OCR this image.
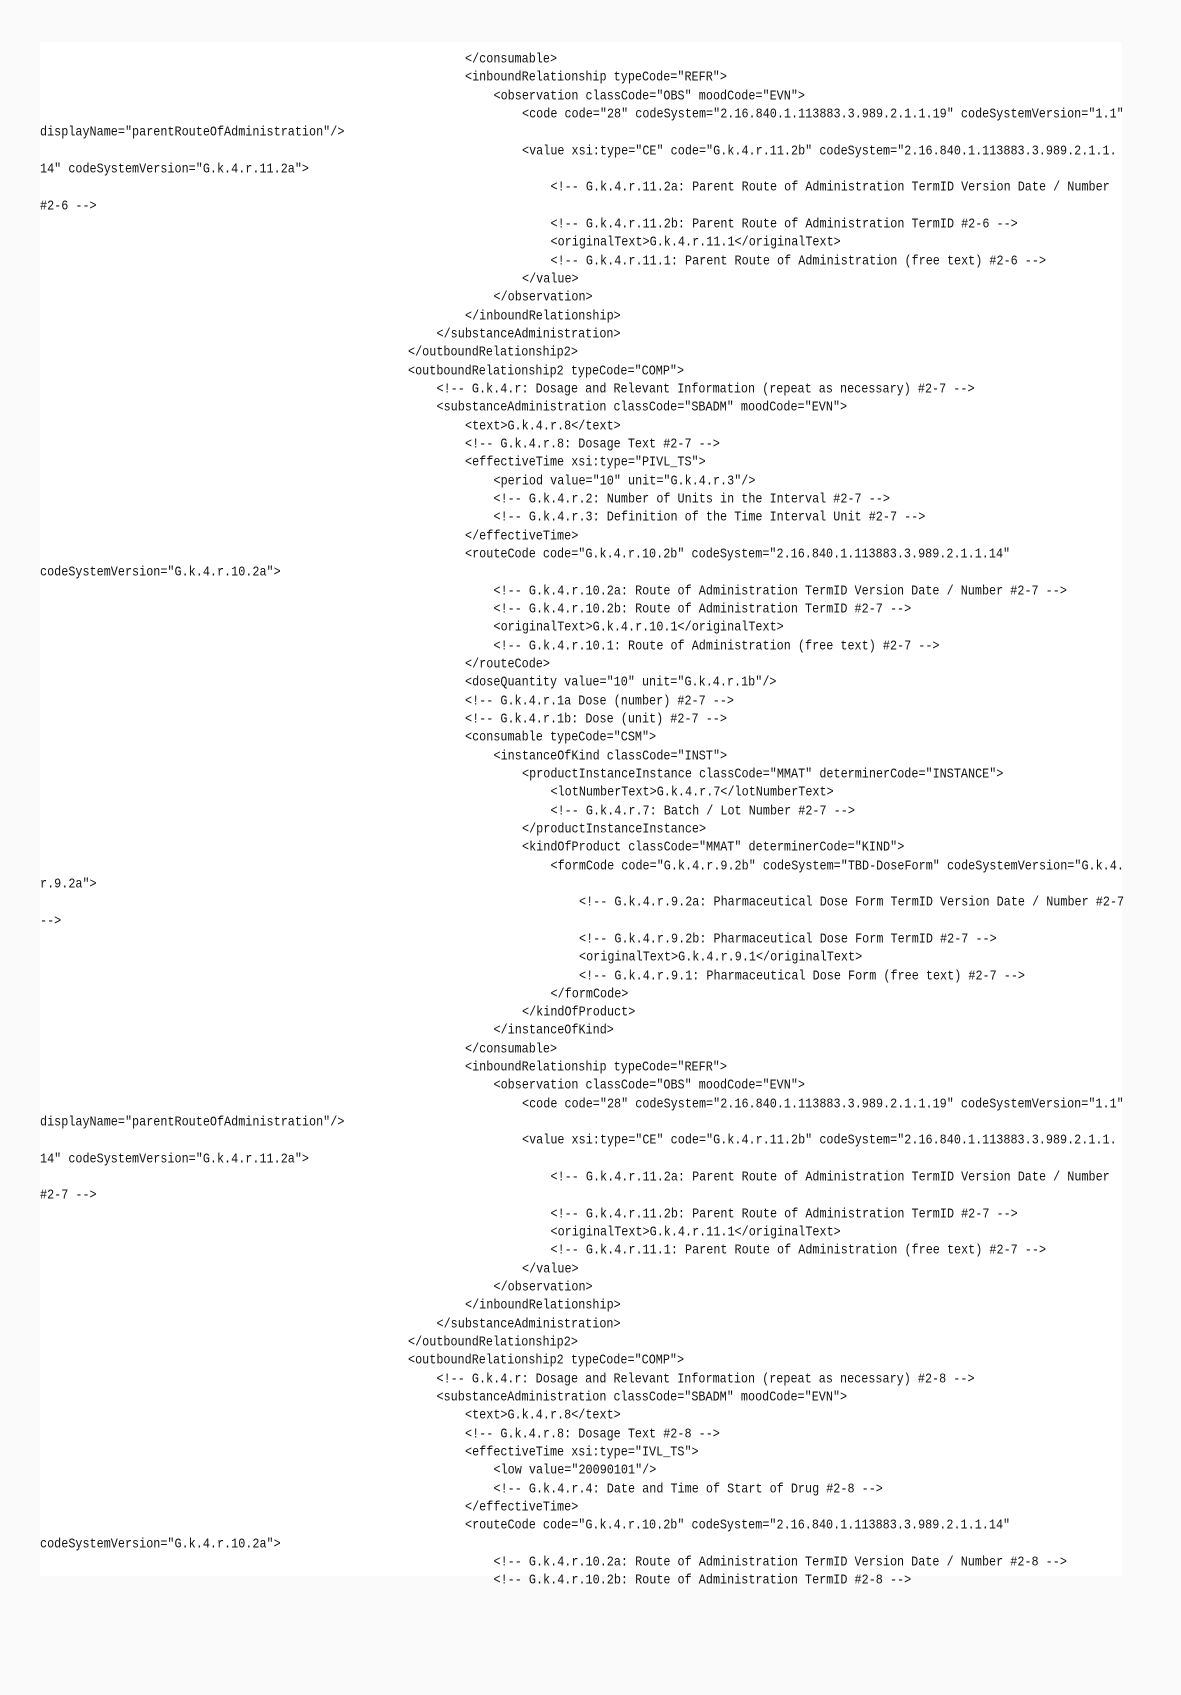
</consumable>
<inboundRelationship typeCode="REFR">
<observation classCode="OBS" moodCode="EVN">
<code code="28" codeSystem="2.16.840.1.113883.3.989.2.1.1.19" codeSystemVersion="1.1"
displayName="parentRouteOfAdministration"/>
<value xsi:type="CE" code="G.k.4.r.11.2b" codeSystem="2.16.840.1.113883.3.989.2.1.1.
14" codeSystemVersion="G.k.4.r.11.2a">
<!-- G.k.4.r.11.2a: Parent Route of Administration TermID Version Date / Number
#2-6 -->
<!-- G.k.4.r.11.2b: Parent Route of Administration TermID #2-6 -->
<originalText>G.k.4.r.11.1</originalText>
<!-- G.k.4.r.11.1: Parent Route of Administration (free text) #2-6 -->
</value>
</observation>
</inboundRelationship>
</substanceAdministration>
</outboundRelationship2>
<outboundRelationship2 typeCode="COMP">
<!-- G.k.4.r: Dosage and Relevant Information (repeat as necessary) #2-7 -->
<substanceAdministration classCode="SBADM" moodCode="EVN">
<text>G.k.4.r.8</text>
<!-- G.k.4.r.8: Dosage Text #2-7 -->
<effectiveTime xsi:type="PIVL_TS">
<period value="10" unit="G.k.4.r.3"/>
<!-- G.k.4.r.2: Number of Units in the Interval #2-7 -->
<!-- G.k.4.r.3: Definition of the Time Interval Unit #2-7 -->
</effectiveTime>
<routeCode code="G.k.4.r.10.2b" codeSystem="2.16.840.1.113883.3.989.2.1.1.14"
codeSystemVersion="G.k.4.r.10.2a">
<!-- G.k.4.r.10.2a: Route of Administration TermID Version Date / Number #2-7 -->
<!-- G.k.4.r.10.2b: Route of Administration TermID #2-7 -->
<originalText>G.k.4.r.10.1</originalText>
<!-- G.k.4.r.10.1: Route of Administration (free text) #2-7 -->
</routeCode>
<doseQuantity value="10" unit="G.k.4.r.1b"/>
<!-- G.k.4.r.1a Dose (number) #2-7 -->
<!-- G.k.4.r.1b: Dose (unit) #2-7 -->
<consumable typeCode="CSM">
<instanceOfKind classCode="INST">
<productInstanceInstance classCode="MMAT" determinerCode="INSTANCE">
<lotNumberText>G.k.4.r.7</lotNumberText>
<!-- G.k.4.r.7: Batch / Lot Number #2-7 -->
</productInstanceInstance>
<kindOfProduct classCode="MMAT" determinerCode="KIND">
<formCode code="G.k.4.r.9.2b" codeSystem="TBD-DoseForm" codeSystemVersion="G.k.4.
r.9.2a">
<!-- G.k.4.r.9.2a: Pharmaceutical Dose Form TermID Version Date / Number #2-7
-->
<!-- G.k.4.r.9.2b: Pharmaceutical Dose Form TermID #2-7 -->
<originalText>G.k.4.r.9.1</originalText>
<!-- G.k.4.r.9.1: Pharmaceutical Dose Form (free text) #2-7 -->
</formCode>
</kindOfProduct>
</instanceOfKind>
</consumable>
<inboundRelationship typeCode="REFR">
<observation classCode="OBS" moodCode="EVN">
<code code="28" codeSystem="2.16.840.1.113883.3.989.2.1.1.19" codeSystemVersion="1.1"
displayName="parentRouteOfAdministration"/>
<value xsi:type="CE" code="G.k.4.r.11.2b" codeSystem="2.16.840.1.113883.3.989.2.1.1.
14" codeSystemVersion="G.k.4.r.11.2a">
<!-- G.k.4.r.11.2a: Parent Route of Administration TermID Version Date / Number
#2-7 -->
<!-- G.k.4.r.11.2b: Parent Route of Administration TermID #2-7 -->
<originalText>G.k.4.r.11.1</originalText>
<!-- G.k.4.r.11.1: Parent Route of Administration (free text) #2-7 -->
</value>
</observation>
</inboundRelationship>
</substanceAdministration>
</outboundRelationship2>
<outboundRelationship2 typeCode="COMP">
<!-- G.k.4.r: Dosage and Relevant Information (repeat as necessary) #2-8 -->
<substanceAdministration classCode="SBADM" moodCode="EVN">
<text>G.k.4.r.8</text>
<!-- G.k.4.r.8: Dosage Text #2-8 -->
<effectiveTime xsi:type="IVL_TS">
<low value="20090101"/>
<!-- G.k.4.r.4: Date and Time of Start of Drug #2-8 -->
</effectiveTime>
<routeCode code="G.k.4.r.10.2b" codeSystem="2.16.840.1.113883.3.989.2.1.1.14"
codeSystemVersion="G.k.4.r.10.2a">
<!-- G.k.4.r.10.2a: Route of Administration TermID Version Date / Number #2-8 -->
<!-- G.k.4.r.10.2b: Route of Administration TermID #2-8 -->
